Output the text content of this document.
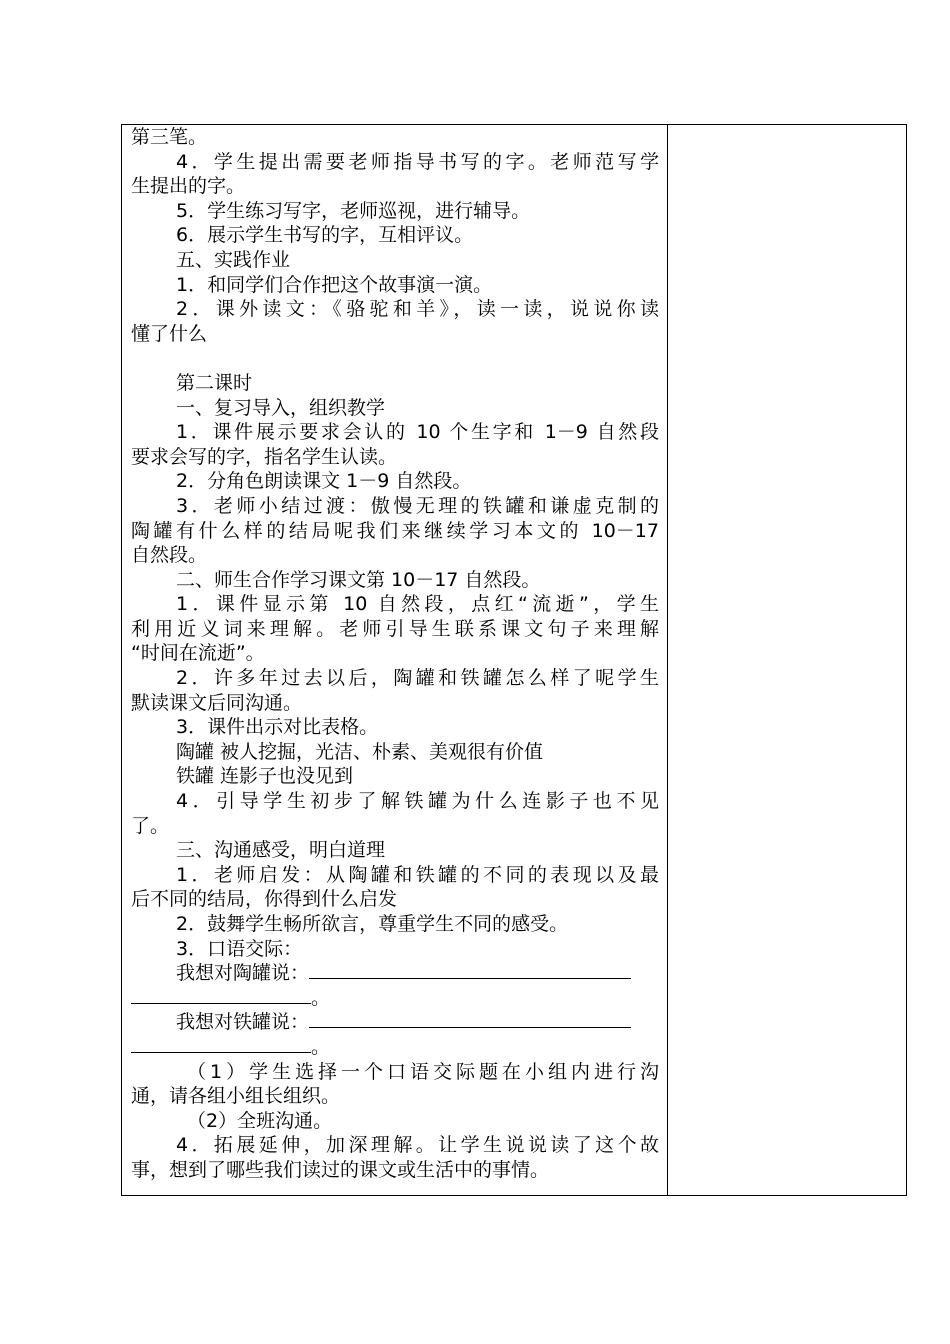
第三笔。
4．学生提出需要老师指导书写的字。老师范写学
生提出的字。
5．学生练习写字，老师巡视，进行辅导。
6．展示学生书写的字，互相评议。
五、实践作业
1．和同学们合作把这个故事演一演。
2．课外读文：《骆驼和羊》，读一读，说说你读
懂了什么
第二课时
一、复习导入，组织教学
1．课件展示要求会认的 10 个生字和 1－9 自然段
要求会写的字，指名学生认读。
2．分角色朗读课文 1－9 自然段。
3．老师小结过渡：傲慢无理的铁罐和谦虚克制的
陶罐有什么样的结局呢我们来继续学习本文的 10－17
自然段。
二、师生合作学习课文第 10－17 自然段。
1．课件显示第 10 自然段，点红“流逝”，学生
利用近义词来理解。老师引导生联系课文句子来理解
“时间在流逝”。
2．许多年过去以后，陶罐和铁罐怎么样了呢学生
默读课文后同沟通。
3．课件出示对比表格。
陶罐 被人挖掘，光洁、朴素、美观很有价值
铁罐 连影子也没见到
4．引导学生初步了解铁罐为什么连影子也不见
了。
三、沟通感受，明白道理
1．老师启发：从陶罐和铁罐的不同的表现以及最
后不同的结局，你得到什么启发
2．鼓舞学生畅所欲言，尊重学生不同的感受。
3．口语交际：
我想对陶罐说：
。
我想对铁罐说：
。
（1）学生选择一个口语交际题在小组内进行沟
通，请各组小组长组织。
（2）全班沟通。
4．拓展延伸，加深理解。让学生说说读了这个故
事，想到了哪些我们读过的课文或生活中的事情。
